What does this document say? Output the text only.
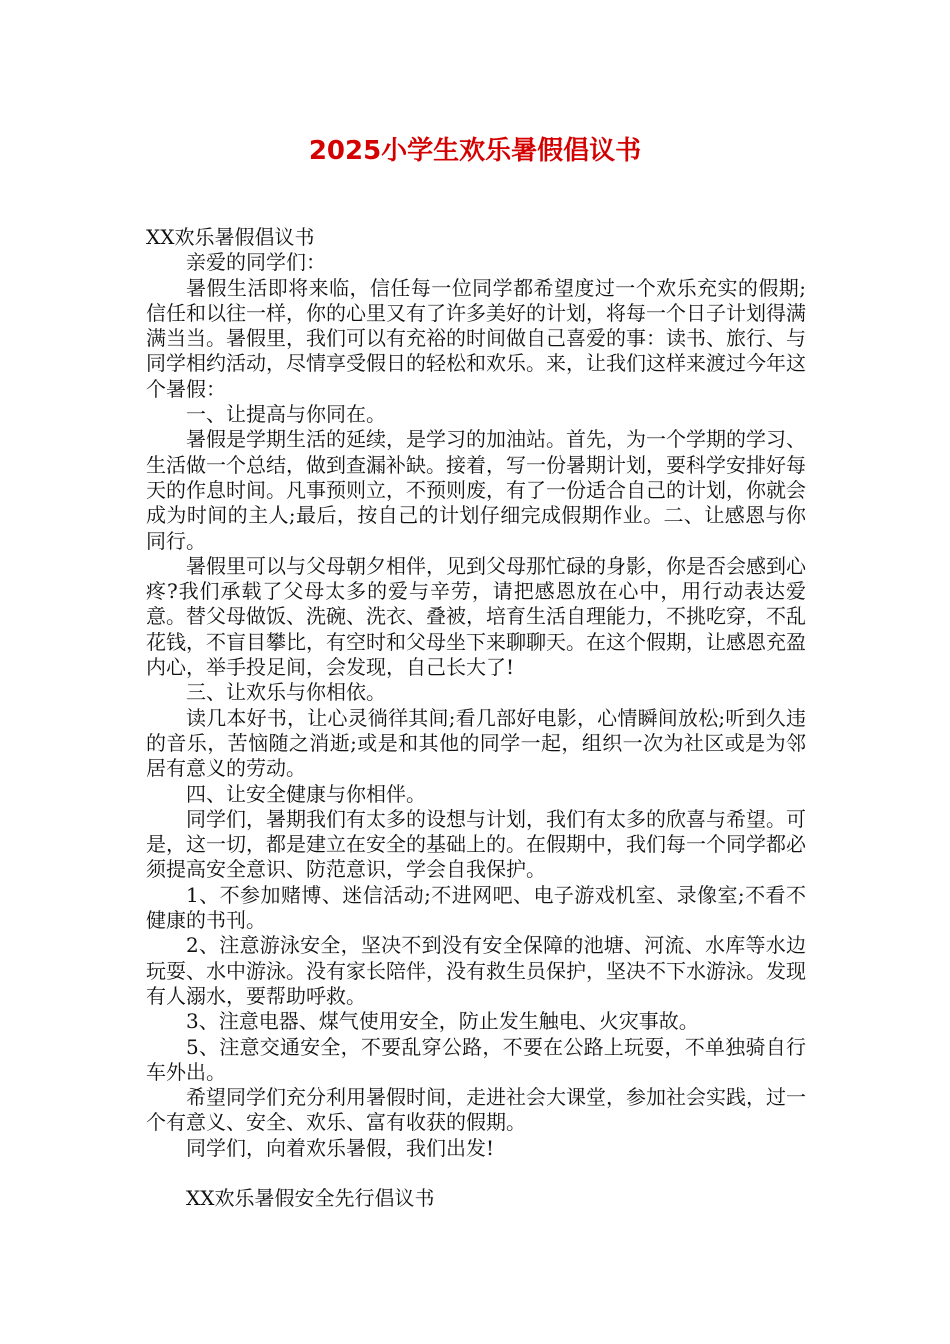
2025小学生欢乐暑假倡议书

XX欢乐暑假倡议书

亲爱的同学们：

暑假生活即将来临，信任每一位同学都希望度过一个欢乐充实的假期;信任和以往一样，你的心里又有了许多美好的计划，将每一个日子计划得满满当当。暑假里，我们可以有充裕的时间做自己喜爱的事：读书、旅行、与同学相约活动，尽情享受假日的轻松和欢乐。来，让我们这样来渡过今年这个暑假：

一、让提高与你同在。

暑假是学期生活的延续，是学习的加油站。首先，为一个学期的学习、生活做一个总结，做到查漏补缺。接着，写一份暑期计划，要科学安排好每天的作息时间。凡事预则立，不预则废，有了一份适合自己的计划，你就会成为时间的主人;最后，按自己的计划仔细完成假期作业。二、让感恩与你同行。

暑假里可以与父母朝夕相伴，见到父母那忙碌的身影，你是否会感到心疼?我们承载了父母太多的爱与辛劳，请把感恩放在心中，用行动表达爱意。替父母做饭、洗碗、洗衣、叠被，培育生活自理能力，不挑吃穿，不乱花钱，不盲目攀比，有空时和父母坐下来聊聊天。在这个假期，让感恩充盈内心，举手投足间，会发现，自己长大了!

三、让欢乐与你相依。

读几本好书，让心灵徜徉其间;看几部好电影，心情瞬间放松;听到久违的音乐，苦恼随之消逝;或是和其他的同学一起，组织一次为社区或是为邻居有意义的劳动。

四、让安全健康与你相伴。

同学们，暑期我们有太多的设想与计划，我们有太多的欣喜与希望。可是，这一切，都是建立在安全的基础上的。在假期中，我们每一个同学都必须提高安全意识、防范意识，学会自我保护。

1、不参加赌博、迷信活动;不进网吧、电子游戏机室、录像室;不看不健康的书刊。

2、注意游泳安全，坚决不到没有安全保障的池塘、河流、水库等水边玩耍、水中游泳。没有家长陪伴，没有救生员保护，坚决不下水游泳。发现有人溺水，要帮助呼救。

3、注意电器、煤气使用安全，防止发生触电、火灾事故。

5、注意交通安全，不要乱穿公路，不要在公路上玩耍，不单独骑自行车外出。

希望同学们充分利用暑假时间，走进社会大课堂，参加社会实践，过一个有意义、安全、欢乐、富有收获的假期。

同学们，向着欢乐暑假，我们出发!

XX欢乐暑假安全先行倡议书
